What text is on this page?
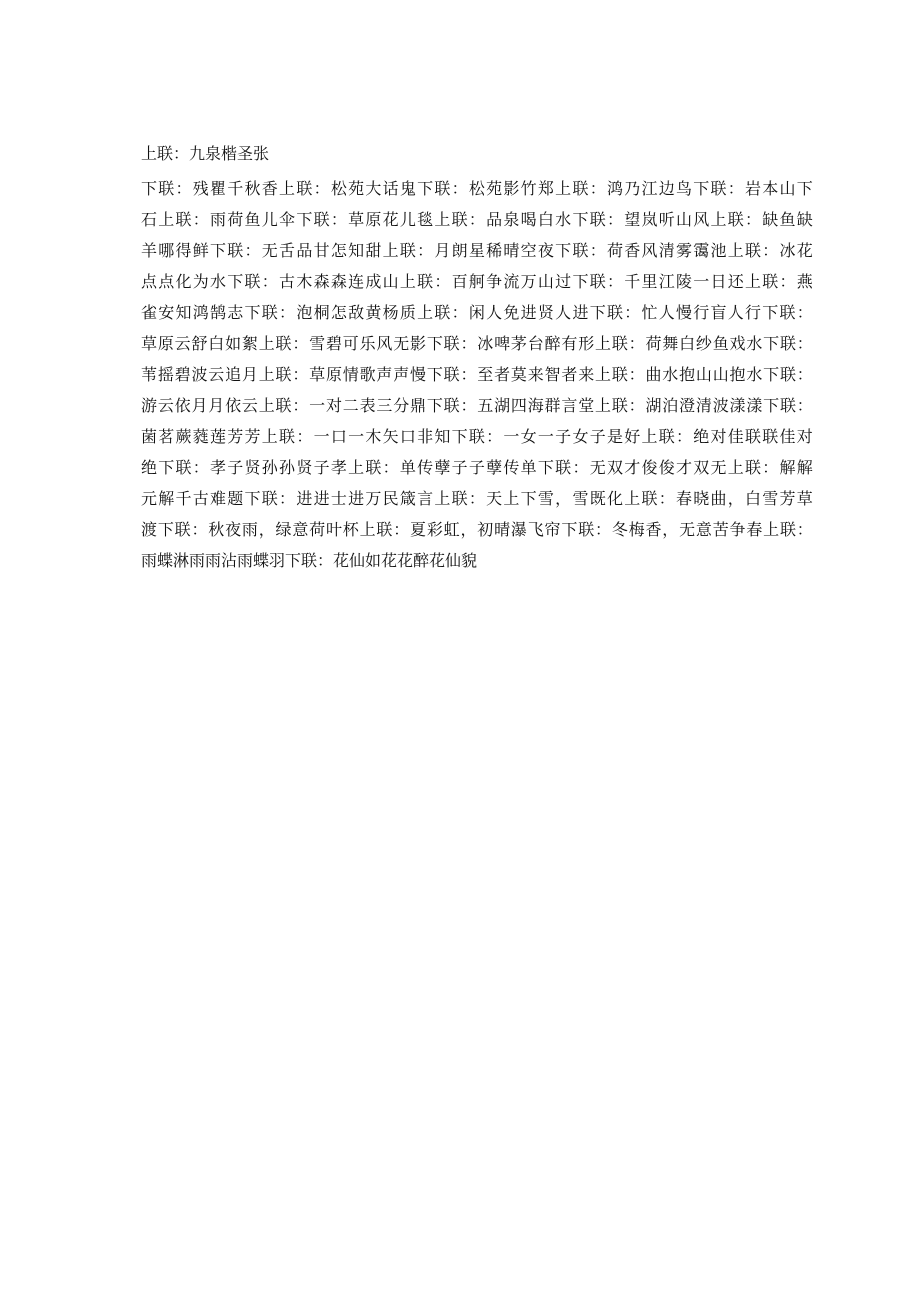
上联：九泉楷圣张
下联：残瞿千秋香上联：松苑大话鬼下联：松苑影竹郑上联：鸿乃江边鸟下联：岩本山下
石上联：雨荷鱼儿伞下联：草原花儿毯上联：品泉喝白水下联：望岚听山风上联：缺鱼缺
羊哪得鲜下联：无舌品甘怎知甜上联：月朗星稀晴空夜下联：荷香风清雾霭池上联：冰花
点点化为水下联：古木森森连成山上联：百舸争流万山过下联：千里江陵一日还上联：燕
雀安知鸿鹄志下联：泡桐怎敌黄杨质上联：闲人免进贤人进下联：忙人慢行盲人行下联：
草原云舒白如絮上联：雪碧可乐风无影下联：冰啤茅台醉有形上联：荷舞白纱鱼戏水下联：
苇摇碧波云追月上联：草原情歌声声慢下联：至者莫来智者来上联：曲水抱山山抱水下联：
游云依月月依云上联：一对二表三分鼎下联：五湖四海群言堂上联：湖泊澄清波漾漾下联：
菌茗蕨蕤莲芳芳上联：一口一木矢口非知下联：一女一子女子是好上联：绝对佳联联佳对
绝下联：孝子贤孙孙贤子孝上联：单传孽子子孽传单下联：无双才俊俊才双无上联：解解
元解千古难题下联：进进士进万民箴言上联：天上下雪，雪既化上联：春晓曲，白雪芳草
渡下联：秋夜雨，绿意荷叶杯上联：夏彩虹，初晴瀑飞帘下联：冬梅香，无意苦争春上联：
雨蝶淋雨雨沾雨蝶羽下联：花仙如花花醉花仙貌
